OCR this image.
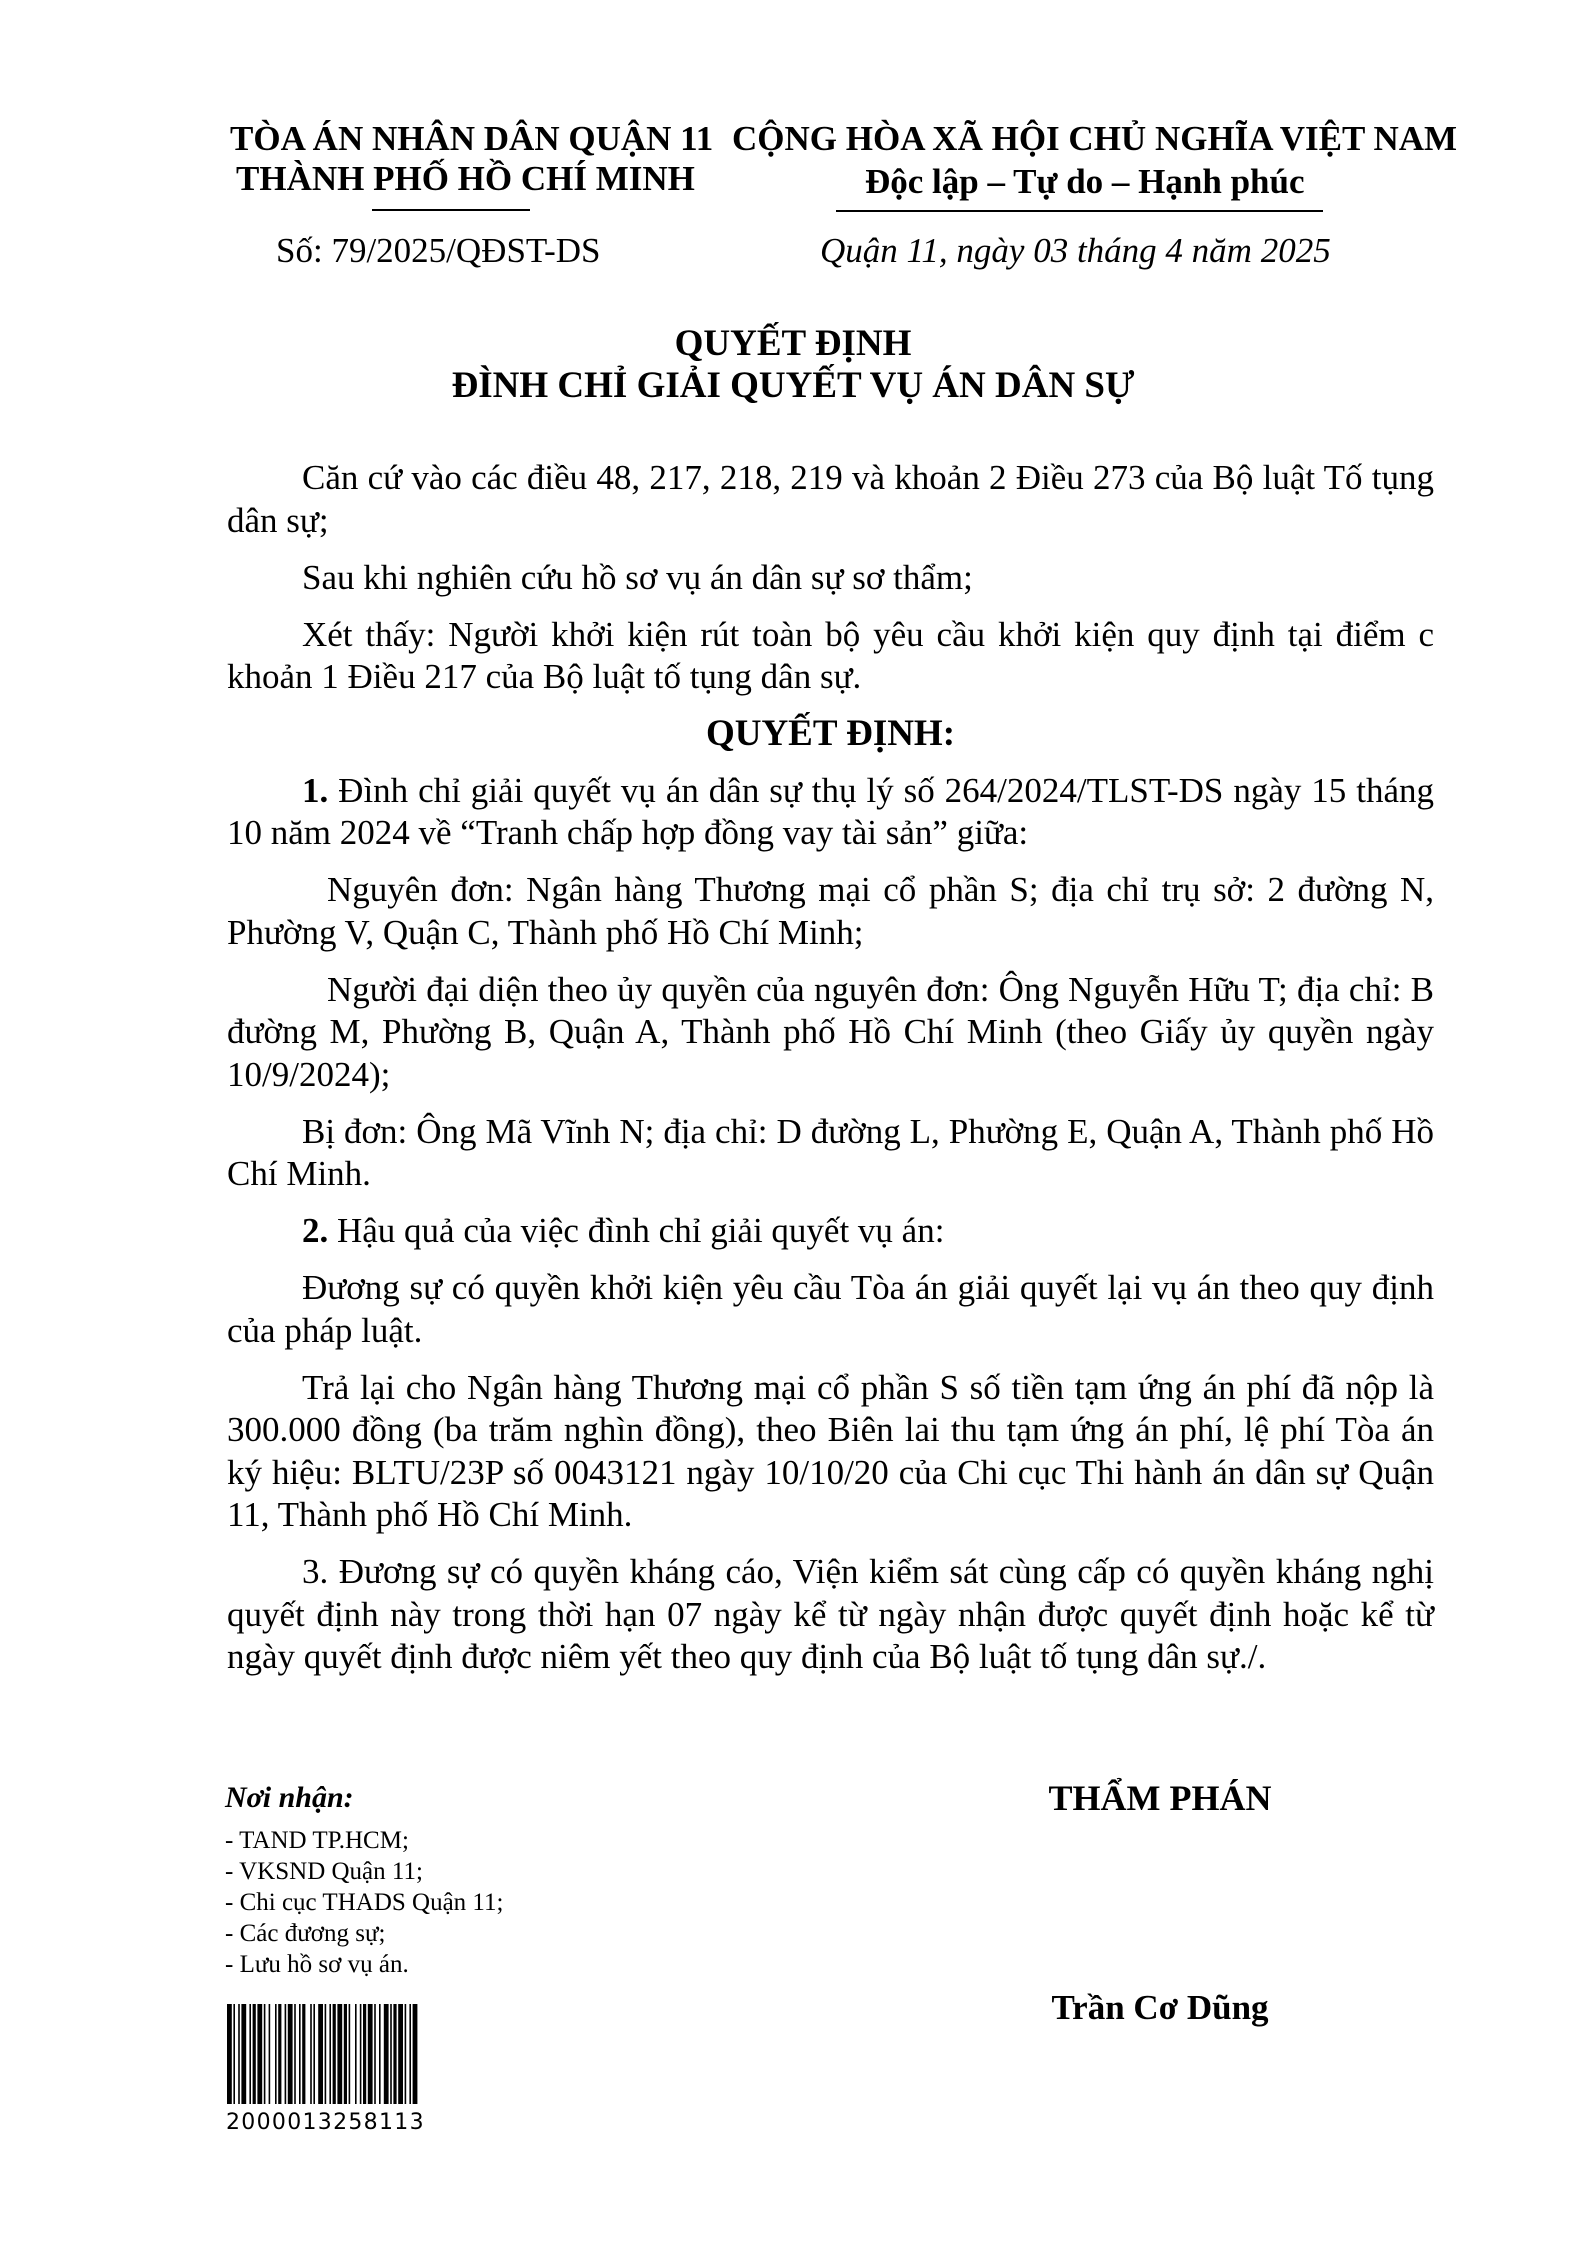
TÒA ÁN NHÂN DÂN QUẬN 11
THÀNH PHỐ HỒ CHÍ MINH
CỘNG HÒA XÃ HỘI CHỦ NGHĨA VIỆT NAM
Độc lập – Tự do – Hạnh phúc
Số: 79/2025/QĐST-DS	Quận 11, ngày 03 tháng 4 năm 2025
QUYẾT ĐỊNH
ĐÌNH CHỈ GIẢI QUYẾT VỤ ÁN DÂN SỰ

Căn cứ vào các điều 48, 217, 218, 219 và khoản 2 Điều 273 của Bộ luật Tố tụng dân sự;

Sau khi nghiên cứu hồ sơ vụ án dân sự sơ thẩm;

Xét thấy: Người khởi kiện rút toàn bộ yêu cầu khởi kiện quy định tại điểm c khoản 1 Điều 217 của Bộ luật tố tụng dân sự.

QUYẾT ĐỊNH:

1. Đình chỉ giải quyết vụ án dân sự thụ lý số 264/2024/TLST-DS ngày 15 tháng 10 năm 2024 về “Tranh chấp hợp đồng vay tài sản” giữa:

Nguyên đơn: Ngân hàng Thương mại cổ phần S; địa chỉ trụ sở: 2 đường N, Phường V, Quận C, Thành phố Hồ Chí Minh;

Người đại diện theo ủy quyền của nguyên đơn: Ông Nguyễn Hữu T; địa chỉ: B đường M, Phường B, Quận A, Thành phố Hồ Chí Minh (theo Giấy ủy quyền ngày 10/9/2024);

Bị đơn: Ông Mã Vĩnh N; địa chỉ: D đường L, Phường E, Quận A, Thành phố Hồ Chí Minh.

2. Hậu quả của việc đình chỉ giải quyết vụ án:

Đương sự có quyền khởi kiện yêu cầu Tòa án giải quyết lại vụ án theo quy định của pháp luật.

Trả lại cho Ngân hàng Thương mại cổ phần S số tiền tạm ứng án phí đã nộp là 300.000 đồng (ba trăm nghìn đồng), theo Biên lai thu tạm ứng án phí, lệ phí Tòa án ký hiệu: BLTU/23P số 0043121 ngày 10/10/20 của Chi cục Thi hành án dân sự Quận 11, Thành phố Hồ Chí Minh.

3. Đương sự có quyền kháng cáo, Viện kiểm sát cùng cấp có quyền kháng nghị quyết định này trong thời hạn 07 ngày kể từ ngày nhận được quyết định hoặc kể từ ngày quyết định được niêm yết theo quy định của Bộ luật tố tụng dân sự./.

Nơi nhận:
- TAND TP.HCM;
- VKSND Quận 11;
- Chi cục THADS Quận 11;
- Các đương sự;
- Lưu hồ sơ vụ án.
THẨM PHÁN
Trần Cơ Dũng
2000013258113
